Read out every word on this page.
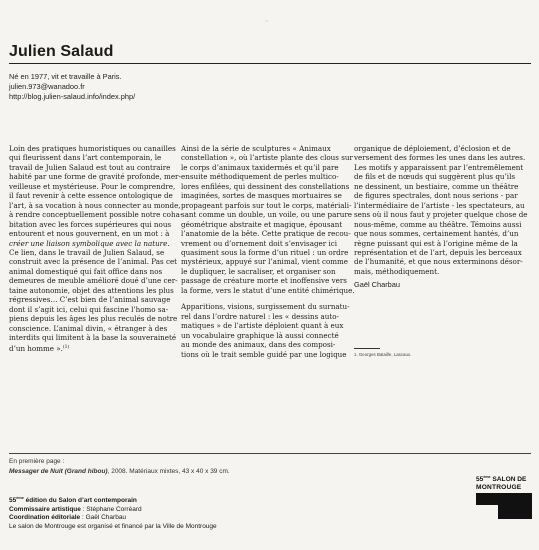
::
Julien Salaud
Né en 1977, vit et travaille à Paris.
julien.973@wanadoo.fr
http://blog.julien-salaud.info/index.php/
Loin des pratiques humoristiques ou canailles
qui fleurissent dans l’art contemporain, le
travail de Julien Salaud est tout au contraire
habité par une forme de gravité profonde, mer-
veilleuse et mystérieuse. Pour le comprendre,
il faut revenir à cette essence ontologique de
l’art, à sa vocation à nous connecter au monde,
à rendre conceptuellement possible notre coha-
bitation avec les forces supérieures qui nous
entourent et nous gouvernent, en un mot : à
créer une liaison symbolique avec la nature.
Ce lien, dans le travail de Julien Salaud, se
construit avec la présence de l’animal. Pas cet
animal domestiqué qui fait office dans nos
demeures de meuble amélioré doué d’une cer-
taine autonomie, objet des attentions les plus
régressives… C’est bien de l’animal sauvage
dont il s’agit ici, celui qui fascine l’homo sa-
piens depuis les âges les plus reculés de notre
conscience. L’animal divin, « étranger à des
interdits qui limitent à la base la souveraineté
d’un homme ».$^{(1)}$
Ainsi de la série de sculptures « Animaux
constellation », où l’artiste plante des clous sur
le corps d’animaux taxidermés et qu’il pare
ensuite méthodiquement de perles multico-
lores enfilées, qui dessinent des constellations
imaginées, sortes de masques mortuaires se
propageant parfois sur tout le corps, matériali-
sant comme un double, un voile, ou une parure
géométrique abstraite et magique, épousant
l’anatomie de la bête. Cette pratique de recou-
vrement ou d’ornement doit s’envisager ici
quasiment sous la forme d’un rituel : un ordre
mystérieux, appuyé sur l’animal, vient comme
le dupliquer, le sacraliser, et organiser son
passage de créature morte et inoffensive vers
la forme, vers le statut d’une entité chimérique.
Apparitions, visions, surgissement du surnatu-
rel dans l’ordre naturel : les « dessins auto-
matiques » de l’artiste déploient quant à eux
un vocabulaire graphique là aussi connecté
au monde des animaux, dans des composi-
tions où le trait semble guidé par une logique
organique de déploiement, d’éclosion et de
versement des formes les unes dans les autres.
Les motifs y apparaissent par l’entremêlement
de fils et de nœuds qui suggèrent plus qu’ils
ne dessinent, un bestiaire, comme un théâtre
de figures spectrales, dont nous serions - par
l’intermédiaire de l’artiste - les spectateurs, au
sens où il nous faut y projeter quelque chose de
nous-même, comme au théâtre. Témoins aussi
que nous sommes, certainement hantés, d’un
règne puissant qui est à l’origine même de la
représentation et de l’art, depuis les berceaux
de l’humanité, et que nous exterminons désor-
mais, méthodiquement.
Gaël Charbau
1. Georges Bataille, Lascaux.
En première page :
Messager de Nuit (Grand hibou), 2008. Matériaux mixtes, 43 x 40 x 39 cm.
55ème édition du Salon d’art contemporain
Commissaire artistique : Stéphane Corréard
Coordination éditoriale : Gaël Charbau
Le salon de Montrouge est organisé et financé par la Ville de Montrouge
55ème SALON DE
MONTROUGE
